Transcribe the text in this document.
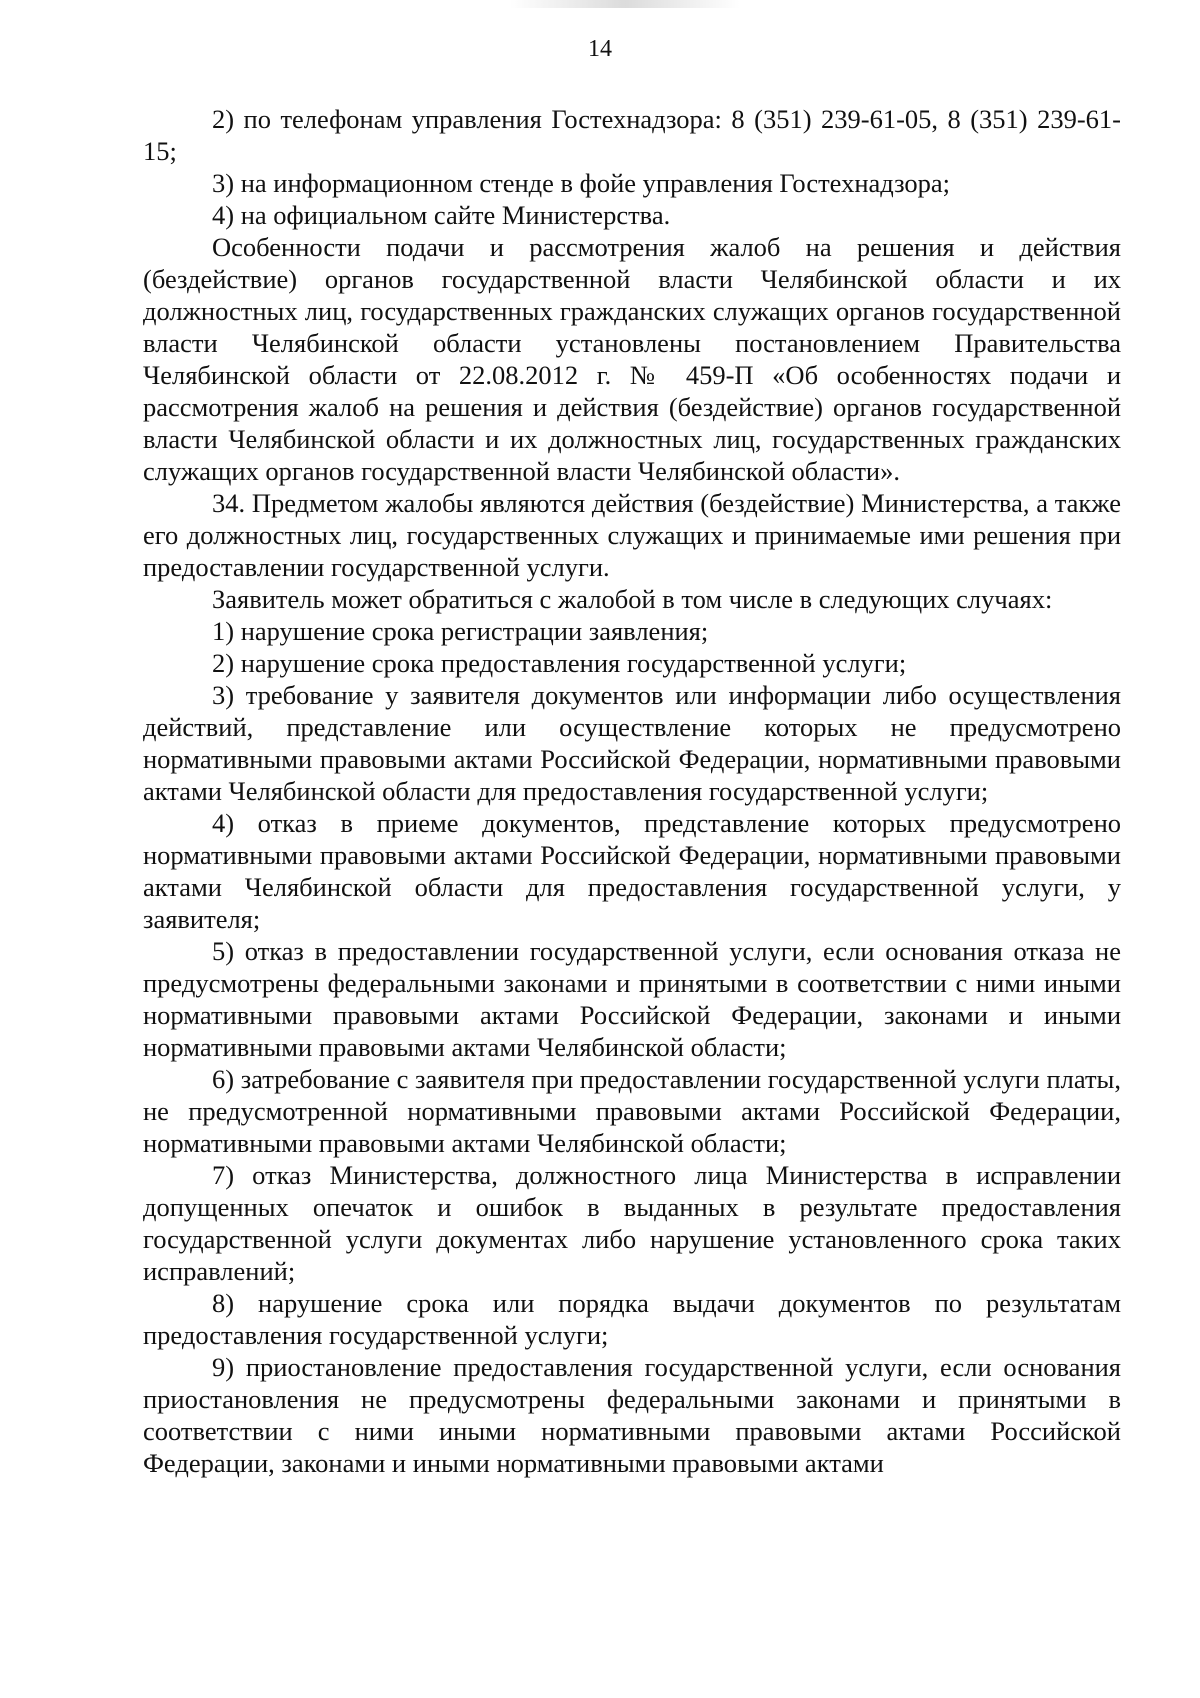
14

2) по телефонам управления Гостехнадзора: 8 (351) 239-61-05, 8 (351) 239-61-15;

3) на информационном стенде в фойе управления Гостехнадзора;

4) на официальном сайте Министерства.

Особенности подачи и рассмотрения жалоб на решения и действия (бездействие) органов государственной власти Челябинской области и их должностных лиц, государственных гражданских служащих органов государственной власти Челябинской области установлены постановлением Правительства Челябинской области от 22.08.2012 г. № 459-П «Об особенностях подачи и рассмотрения жалоб на решения и действия (бездействие) органов государственной власти Челябинской области и их должностных лиц, государственных гражданских служащих органов государственной власти Челябинской области».

34. Предметом жалобы являются действия (бездействие) Министерства, а также его должностных лиц, государственных служащих и принимаемые ими решения при предоставлении государственной услуги.

Заявитель может обратиться с жалобой в том числе в следующих случаях:

1) нарушение срока регистрации заявления;

2) нарушение срока предоставления государственной услуги;

3) требование у заявителя документов или информации либо осуществления действий, представление или осуществление которых не предусмотрено нормативными правовыми актами Российской Федерации, нормативными правовыми актами Челябинской области для предоставления государственной услуги;

4) отказ в приеме документов, представление которых предусмотрено нормативными правовыми актами Российской Федерации, нормативными правовыми актами Челябинской области для предоставления государственной услуги, у заявителя;

5) отказ в предоставлении государственной услуги, если основания отказа не предусмотрены федеральными законами и принятыми в соответствии с ними иными нормативными правовыми актами Российской Федерации, законами и иными нормативными правовыми актами Челябинской области;

6) затребование с заявителя при предоставлении государственной услуги платы, не предусмотренной нормативными правовыми актами Российской Федерации, нормативными правовыми актами Челябинской области;

7) отказ Министерства, должностного лица Министерства в исправлении допущенных опечаток и ошибок в выданных в результате предоставления государственной услуги документах либо нарушение установленного срока таких исправлений;

8) нарушение срока или порядка выдачи документов по результатам предоставления государственной услуги;

9) приостановление предоставления государственной услуги, если основания приостановления не предусмотрены федеральными законами и принятыми в соответствии с ними иными нормативными правовыми актами Российской Федерации, законами и иными нормативными правовыми актами
